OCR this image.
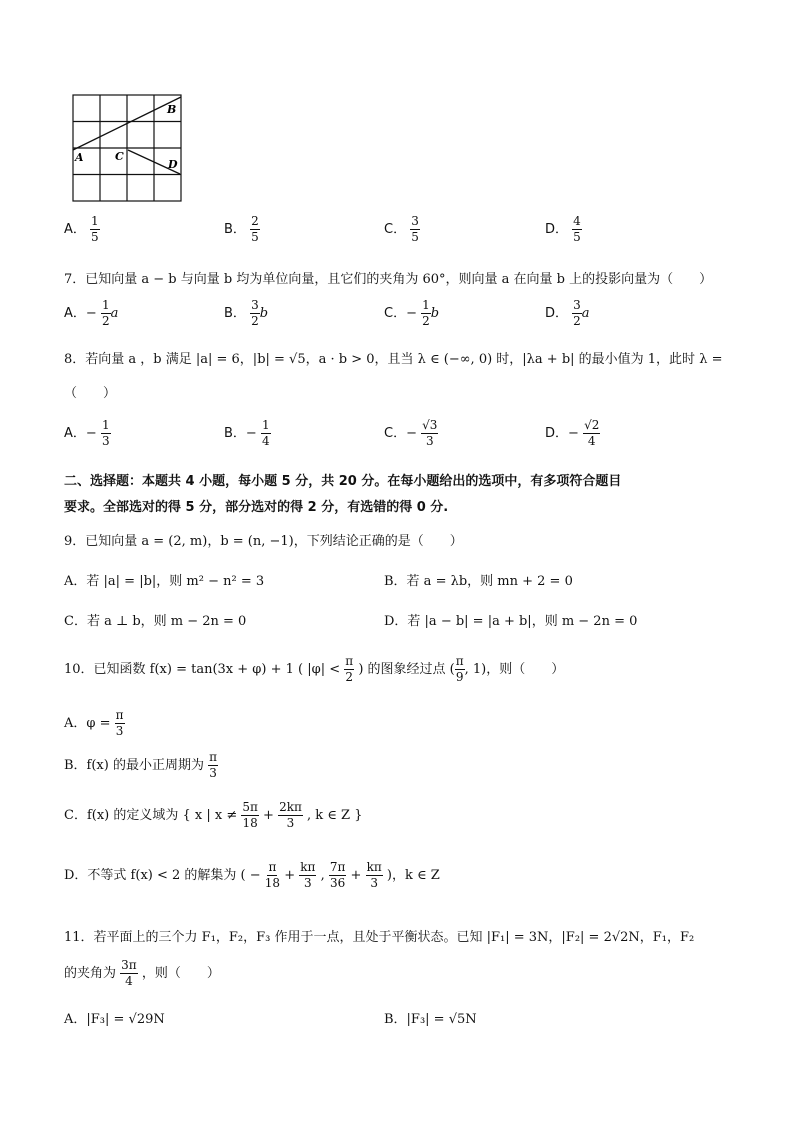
A
B
C
D
A． $\frac{1}{5}$	B． $\frac{2}{5}$	C． $\frac{3}{5}$	D． $\frac{4}{5}$
7．已知向量 a − b 与向量 b 均为单位向量，且它们的夹角为 60°，则向量 a 在向量 b 上的投影向量为（　　）
A．− $\frac{1}{2}$ a	B． $\frac{3}{2}$ b	C．− $\frac{1}{2}$ b	D． $\frac{3}{2}$ a
8．若向量 a ，b 满足 |a| = 6，|b| = √5，a · b > 0，且当 λ ∈ (−∞, 0) 时，|λa + b| 的最小值为 1，此时 λ =
（　　）
A．− $\frac{1}{3}$	B．− $\frac{1}{4}$	C．− $\frac{√3}{3}$	D．− $\frac{√2}{4}$
二、选择题：本题共 4 小题，每小题 5 分，共 20 分。在每小题给出的选项中，有多项符合题目
要求。全部选对的得 5 分，部分选对的得 2 分，有选错的得 0 分.
9．已知向量 a = (2, m)，b = (n, −1)，下列结论正确的是（　　）
A．若 |a| = |b|，则 m² − n² = 3	B．若 a = λb，则 mn + 2 = 0
C．若 a ⊥ b，则 m − 2n = 0	D．若 |a − b| = |a + b|，则 m − 2n = 0
10．已知函数 f(x) = tan(3x + φ) + 1 ( $|\varphi| < \frac{\pi}{2}$ ) 的图象经过点 ( $\frac{\pi}{9}$ , 1)，则（　　）
A．$\varphi = \frac{\pi}{3}$
B．f(x) 的最小正周期为 $\frac{\pi}{3}$
C．f(x) 的定义域为 { x | $x \ne \frac{5\pi}{18} + \frac{2k\pi}{3}$ , k ∈ Z }
D．不等式 f(x) < 2 的解集为 ( − $\frac{\pi}{18} + \frac{k\pi}{3}$ , $\frac{7\pi}{36} + \frac{k\pi}{3}$ )，k ∈ Z
11．若平面上的三个力 F₁，F₂，F₃ 作用于一点，且处于平衡状态。已知 |F₁| = 3N，|F₂| = 2√2N，F₁，F₂
的夹角为 $\frac{3\pi}{4}$ ，则（　　）
A．|F₃| = √29N	B．|F₃| = √5N
